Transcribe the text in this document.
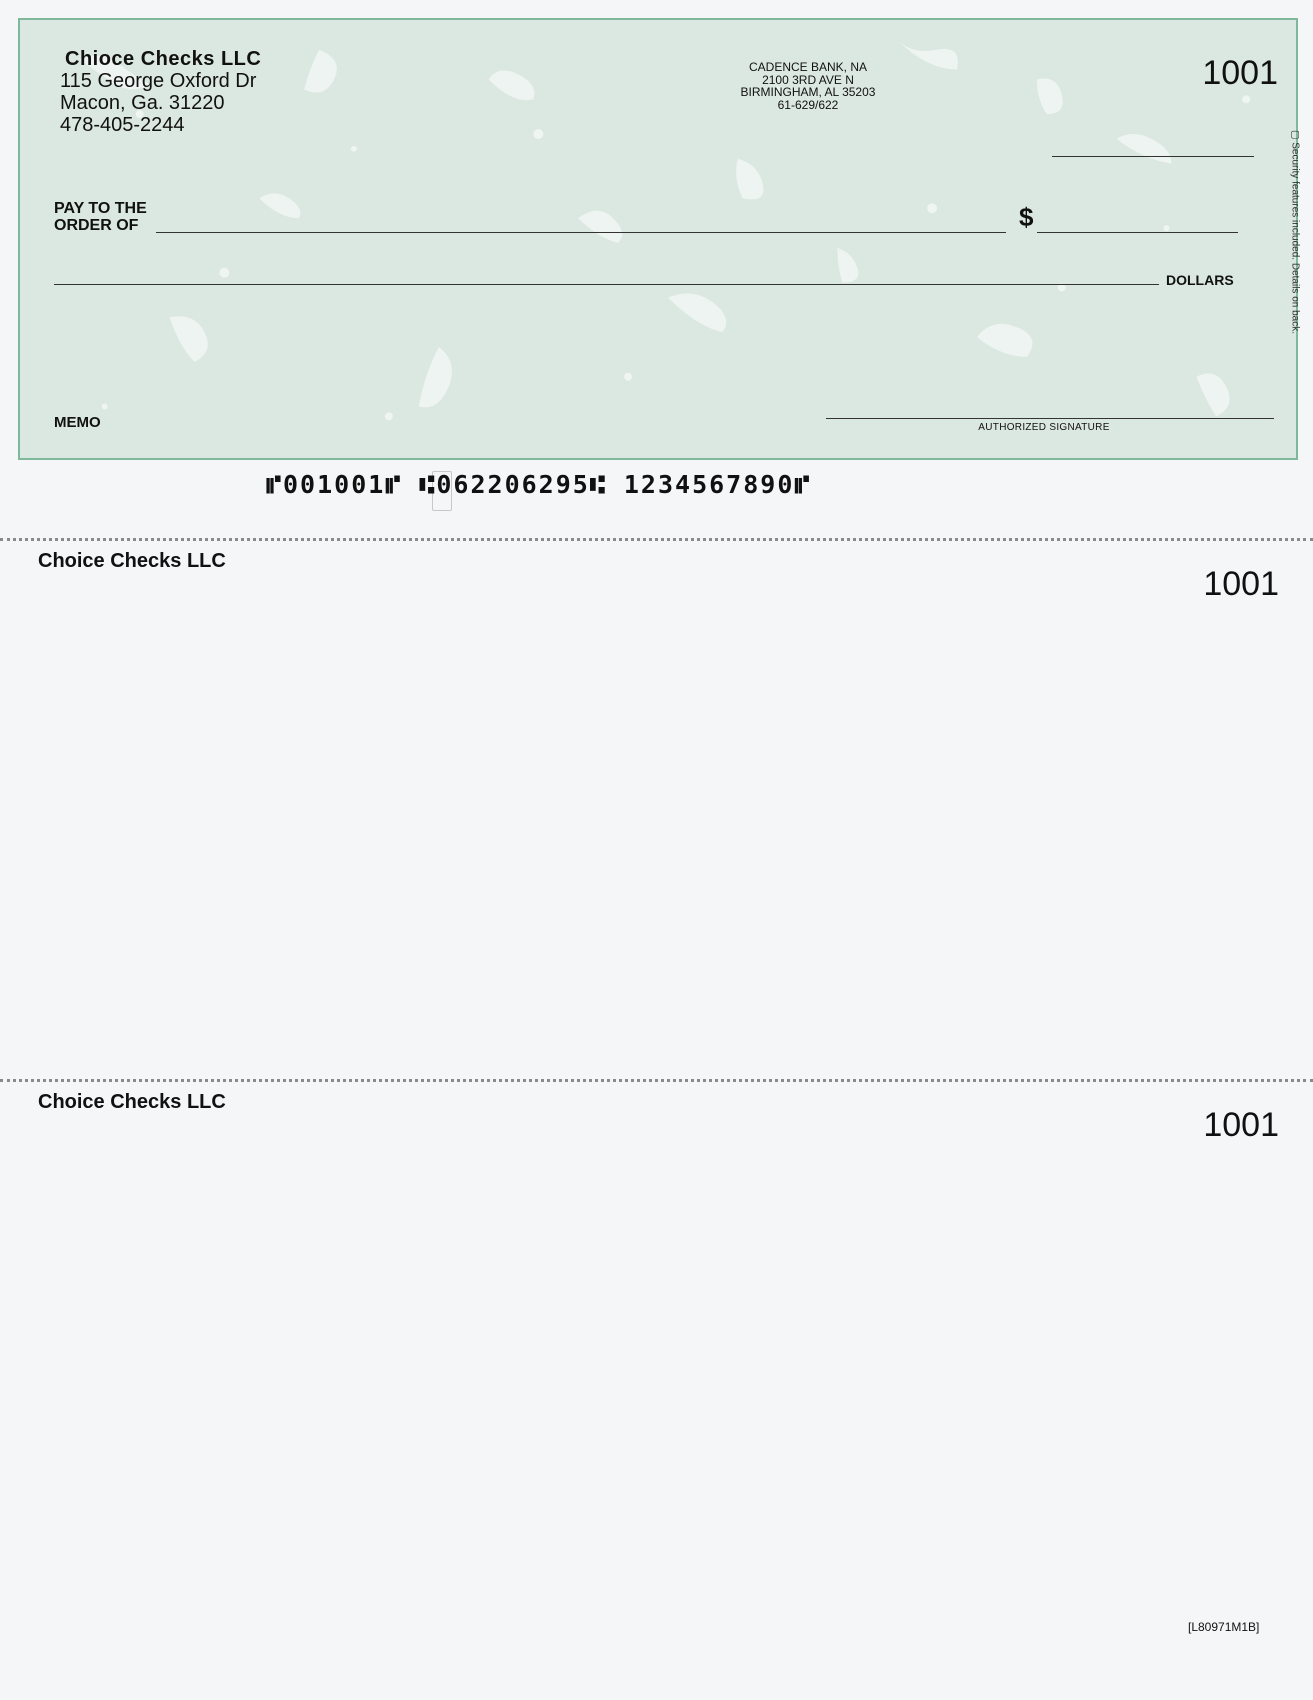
Chioce Checks LLC
115 George Oxford Dr
Macon, Ga. 31220
478-405-2244
CADENCE BANK, NA
2100 3RD AVE N
BIRMINGHAM, AL 35203
61-629/622
1001
PAY TO THE
ORDER OF	$
DOLLARS
MEMO	AUTHORIZED SIGNATURE
▢ Security features included. Details on back.
⑈001001⑈ ⑆062206295⑆ 1234567890⑈
Choice Checks LLC
1001
Choice Checks LLC
1001
[L80971M1B]
